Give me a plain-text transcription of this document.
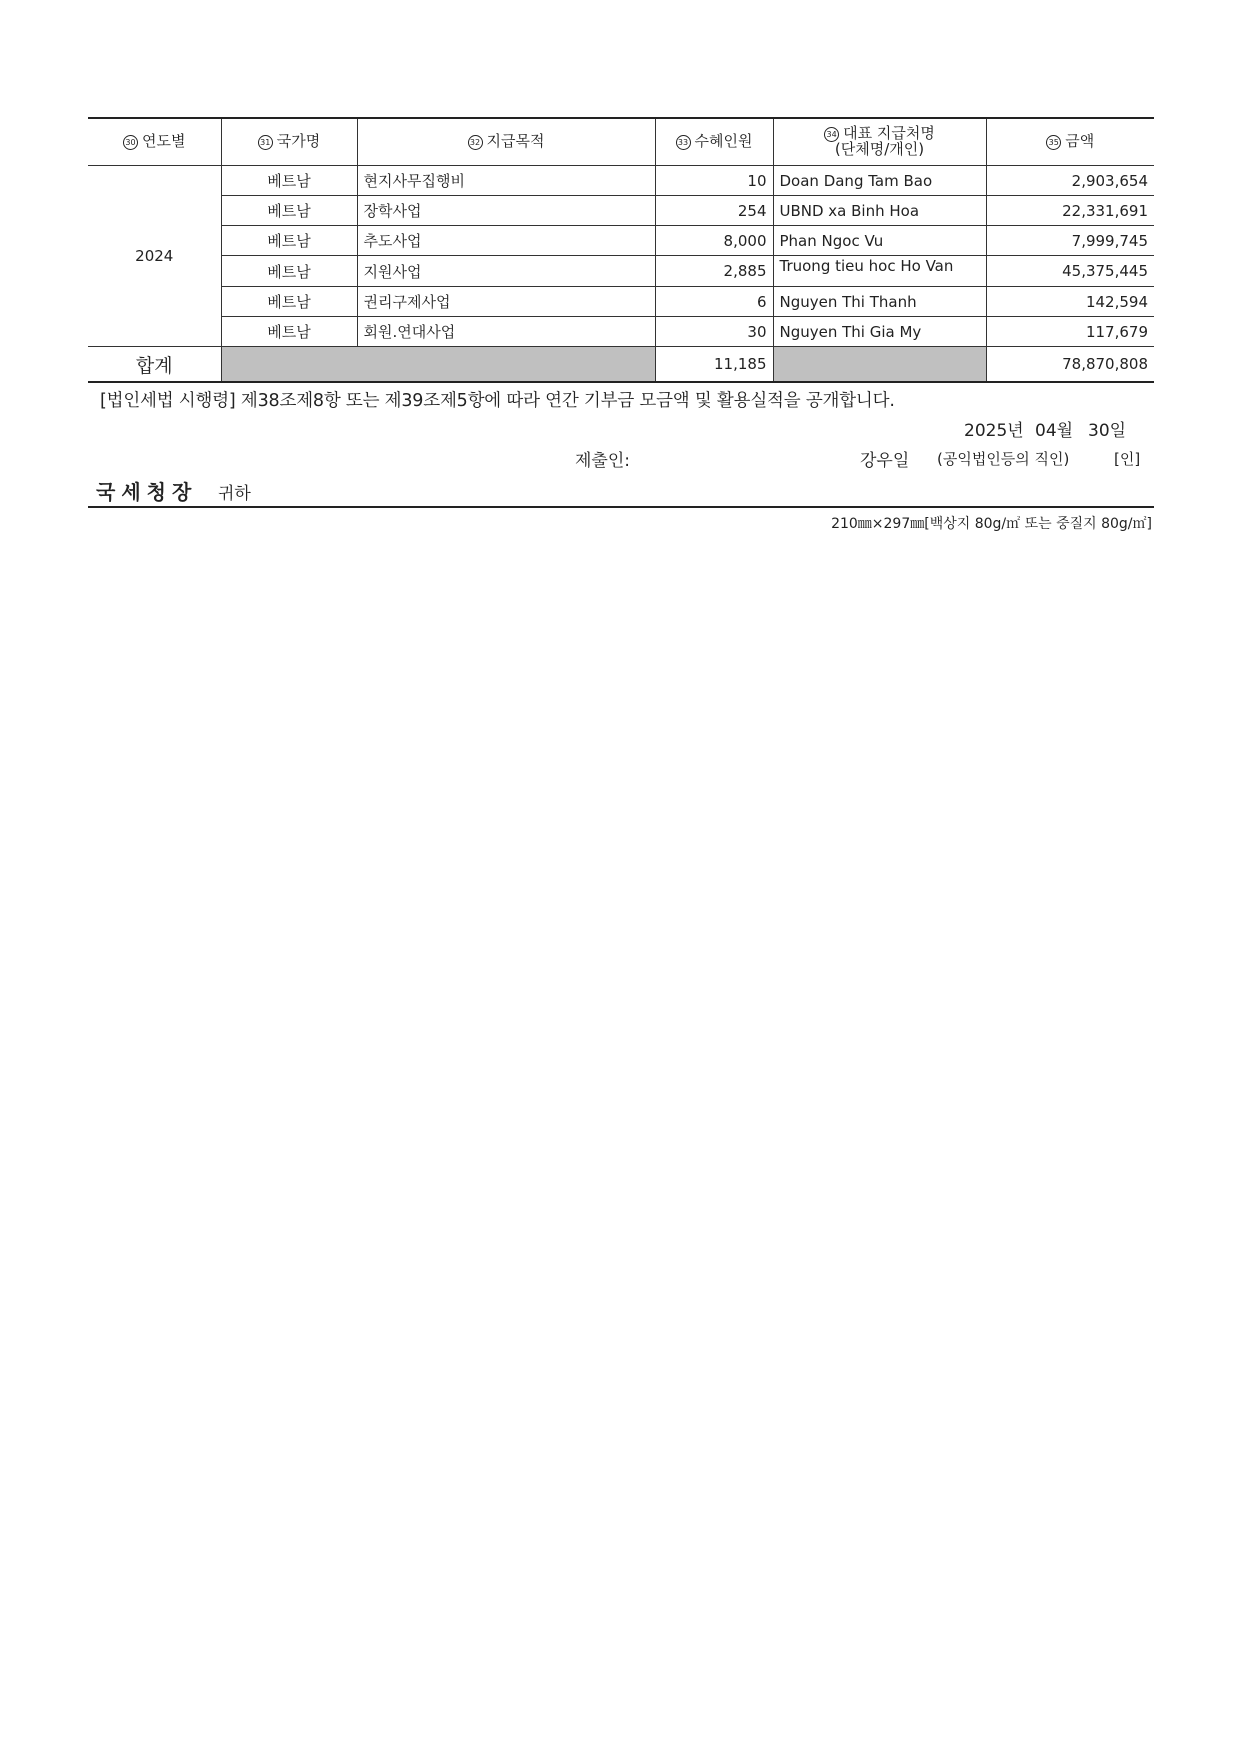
30 연도별	31 국가명	32 지급목적	33 수혜인원	34 대표 지급처명
(단체명/개인)	35 금액
2024	베트남	현지사무집행비	10	Doan Dang Tam Bao	2,903,654
	베트남	장학사업	254	UBND xa Binh Hoa	22,331,691
	베트남	추도사업	8,000	Phan Ngoc Vu	7,999,745
	베트남	지원사업	2,885	Truong tieu hoc Ho Van	45,375,445
	베트남	권리구제사업	6	Nguyen Thi Thanh	142,594
	베트남	회원.연대사업	30	Nguyen Thi Gia My	117,679
합계			11,185		78,870,808
[법인세법 시행령] 제38조제8항 또는 제39조제5항에 따라 연간 기부금 모금액 및 활용실적을 공개합니다.
2025년 04월 30일
제출인:	강우일 (공익법인등의 직인)	[인]
국세청장 귀하
210㎜×297㎜[백상지 80g/㎡ 또는 중질지 80g/㎡]
